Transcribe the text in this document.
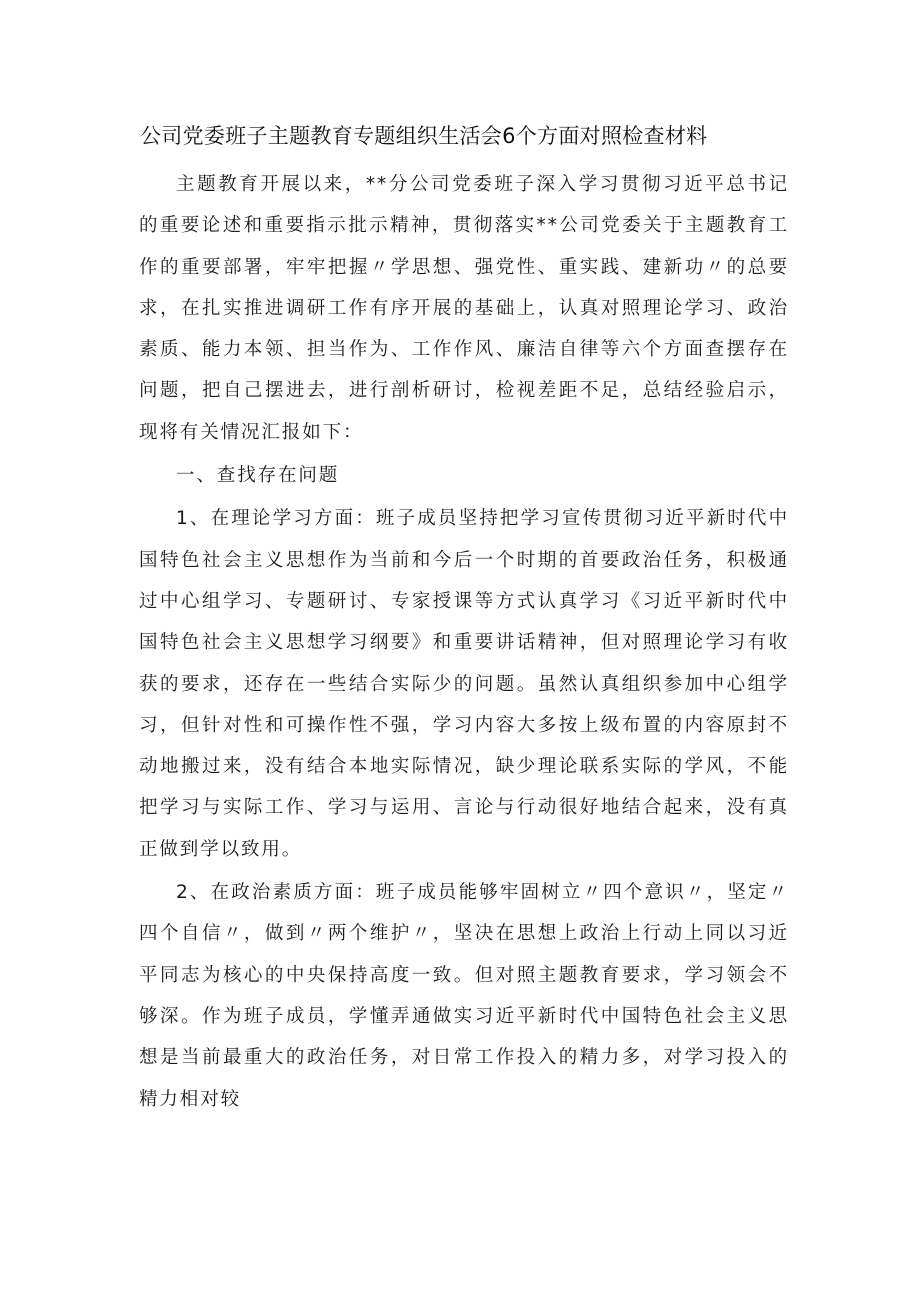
公司党委班子主题教育专题组织生活会6个方面对照检查材料

主题教育开展以来，**分公司党委班子深入学习贯彻习近平总书记的重要论述和重要指示批示精神，贯彻落实**公司党委关于主题教育工作的重要部署，牢牢把握〃学思想、强党性、重实践、建新功〃的总要求，在扎实推进调研工作有序开展的基础上，认真对照理论学习、政治素质、能力本领、担当作为、工作作风、廉洁自律等六个方面查摆存在问题，把自己摆进去，进行剖析研讨，检视差距不足，总结经验启示，现将有关情况汇报如下：

一、查找存在问题

1、在理论学习方面：班子成员坚持把学习宣传贯彻习近平新时代中国特色社会主义思想作为当前和今后一个时期的首要政治任务，积极通过中心组学习、专题研讨、专家授课等方式认真学习《习近平新时代中国特色社会主义思想学习纲要》和重要讲话精神，但对照理论学习有收获的要求，还存在一些结合实际少的问题。虽然认真组织参加中心组学习，但针对性和可操作性不强，学习内容大多按上级布置的内容原封不动地搬过来，没有结合本地实际情况，缺少理论联系实际的学风，不能把学习与实际工作、学习与运用、言论与行动很好地结合起来，没有真正做到学以致用。

2、在政治素质方面：班子成员能够牢固树立〃四个意识〃，坚定〃四个自信〃，做到〃两个维护〃，坚决在思想上政治上行动上同以习近平同志为核心的中央保持高度一致。但对照主题教育要求，学习领会不够深。作为班子成员，学懂弄通做实习近平新时代中国特色社会主义思想是当前最重大的政治任务，对日常工作投入的精力多，对学习投入的精力相对较
